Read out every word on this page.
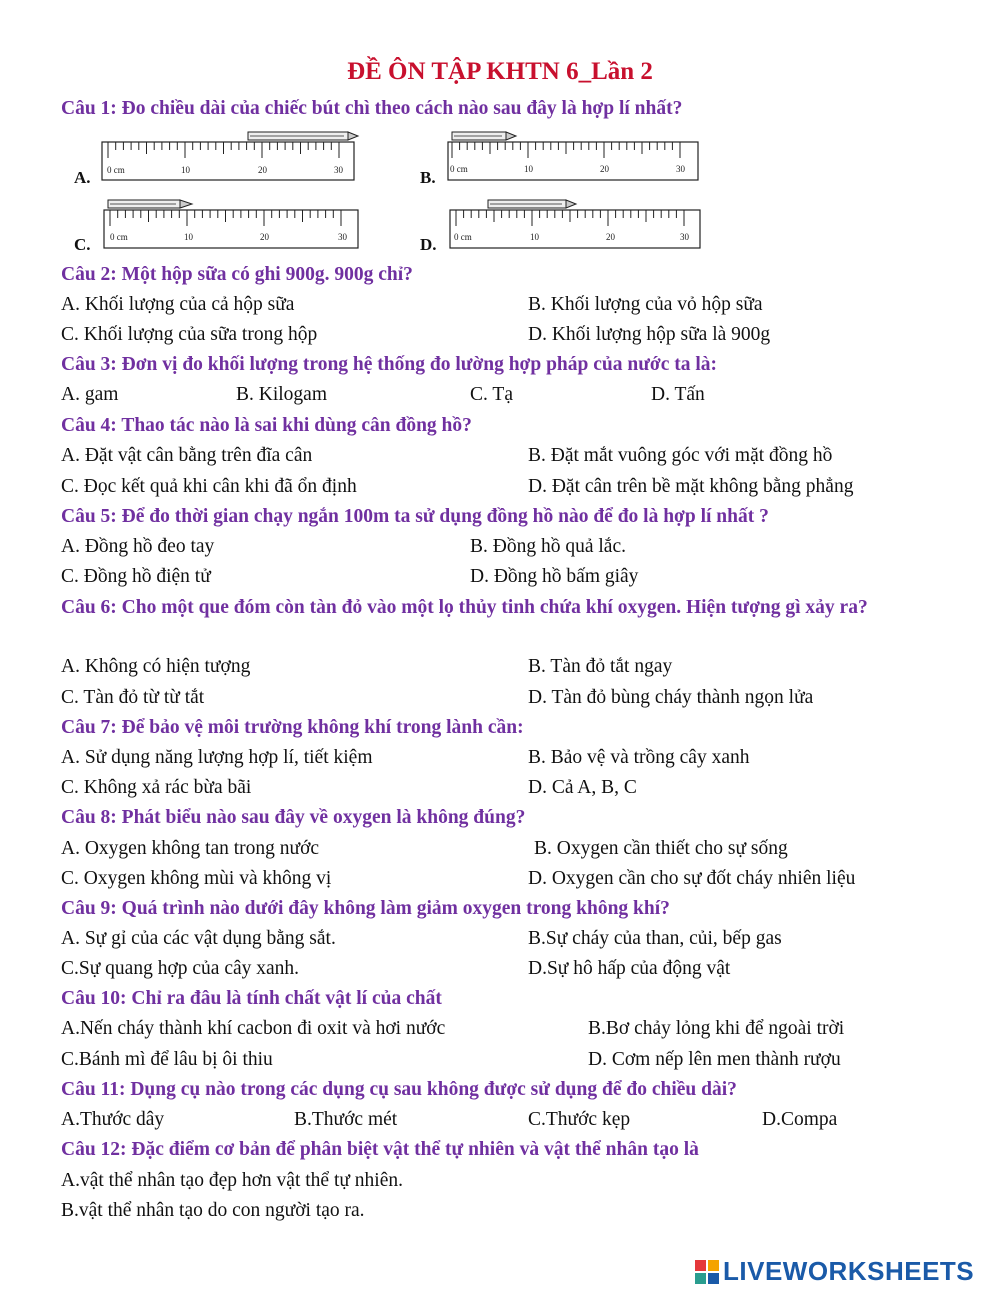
ĐỀ ÔN TẬP KHTN 6_Lần 2
Câu 1: Đo chiều dài của chiếc bút chì theo cách nào sau đây là hợp lí nhất?
A.	B.
C.	D.
0 cm	10	20	30	0 cm	10	20	30
0 cm	10	20	30	0 cm	10	20	30
Câu 2: Một hộp sữa có ghi 900g. 900g chỉ?
A. Khối lượng của cả hộp sữa	B. Khối lượng của vỏ hộp sữa
C. Khối lượng của sữa trong hộp	D. Khối lượng hộp sữa là 900g
Câu 3: Đơn vị đo khối lượng trong hệ thống đo lường hợp pháp của nước ta là:
A. gam	B. Kilogam	C. Tạ	D. Tấn
Câu 4: Thao tác nào là sai khi dùng cân đồng hồ?
A. Đặt vật cân bằng trên đĩa cân	B. Đặt mắt vuông góc với mặt đồng hồ
C. Đọc kết quả khi cân khi đã ổn định	D. Đặt cân trên bề mặt không bằng phẳng
Câu 5: Để đo thời gian chạy ngắn 100m ta sử dụng đồng hồ nào để đo là hợp lí nhất ?
A. Đồng hồ đeo tay	B. Đồng hồ quả lắc.
C. Đồng hồ điện tử	D. Đồng hồ bấm giây
Câu 6: Cho một que đóm còn tàn đỏ vào một lọ thủy tinh chứa khí oxygen. Hiện tượng gì xảy ra?
A. Không có hiện tượng	B. Tàn đỏ tắt ngay
C. Tàn đỏ từ từ tắt	D. Tàn đỏ bùng cháy thành ngọn lửa
Câu 7: Để bảo vệ môi trường không khí trong lành cần:
A. Sử dụng năng lượng hợp lí, tiết kiệm	B. Bảo vệ và trồng cây xanh
C. Không xả rác bừa bãi	D. Cả A, B, C
Câu 8: Phát biểu nào sau đây về oxygen là không đúng?
A. Oxygen không tan trong nước	B. Oxygen cần thiết cho sự sống
C. Oxygen không mùi và không vị	D. Oxygen cần cho sự đốt cháy nhiên liệu
Câu 9: Quá trình nào dưới đây không làm giảm oxygen trong không khí?
A. Sự gỉ của các vật dụng bằng sắt.	B.Sự cháy của than, củi, bếp gas
C.Sự quang hợp của cây xanh.	D.Sự hô hấp của động vật
Câu 10: Chỉ ra đâu là tính chất vật lí của chất
A.Nến cháy thành khí cacbon đi oxit và hơi nước	B.Bơ chảy lỏng khi để ngoài trời
C.Bánh mì để lâu bị ôi thiu	D. Cơm nếp lên men thành rượu
Câu 11: Dụng cụ nào trong các dụng cụ sau không được sử dụng để đo chiều dài?
A.Thước dây	B.Thước mét	C.Thước kẹp	D.Compa
Câu 12: Đặc điểm cơ bản để phân biệt vật thể tự nhiên và vật thể nhân tạo là
A.vật thể nhân tạo đẹp hơn vật thể tự nhiên.
B.vật thể nhân tạo do con người tạo ra.
LIVEWORKSHEETS
